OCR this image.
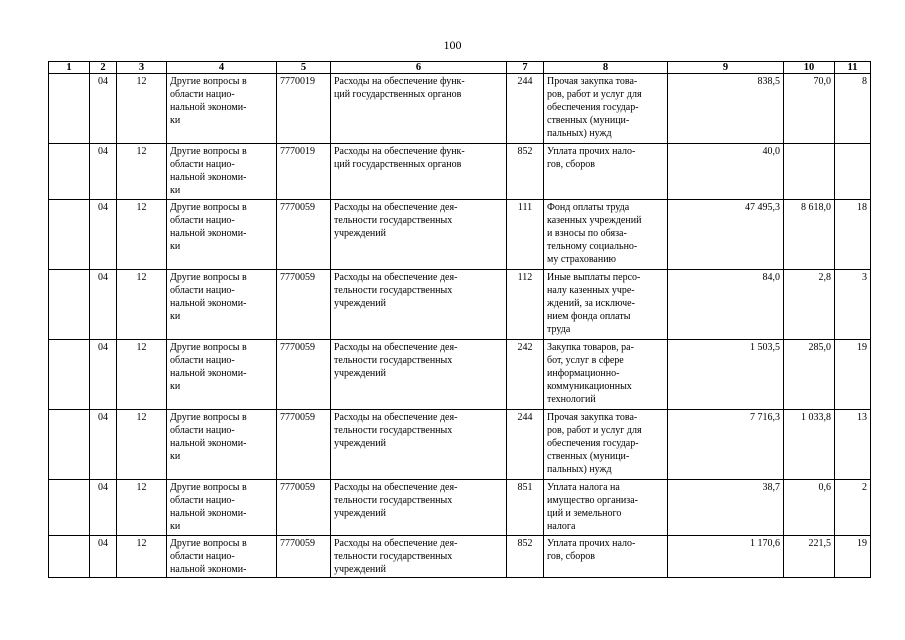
100
1	2	3	4	5	6	7	8	9	10	11

	04	12	Другие вопросы в
области нацио-
нальной экономи-
ки	7770019	Расходы на обеспечение функ-
ций государственных органов	244	Прочая закупка това-
ров, работ и услуг для
обеспечения государ-
ственных (муници-
пальных) нужд	838,5	70,0	8

	04	12	Другие вопросы в
области нацио-
нальной экономи-
ки	7770019	Расходы на обеспечение функ-
ций государственных органов	852	Уплата прочих нало-
гов, сборов	40,0		

	04	12	Другие вопросы в
области нацио-
нальной экономи-
ки	7770059	Расходы на обеспечение дея-
тельности государственных
учреждений	111	Фонд оплаты труда
казенных учреждений
и взносы по обяза-
тельному социально-
му страхованию	47 495,3	8 618,0	18

	04	12	Другие вопросы в
области нацио-
нальной экономи-
ки	7770059	Расходы на обеспечение дея-
тельности государственных
учреждений	112	Иные выплаты персо-
налу казенных учре-
ждений, за исключе-
нием фонда оплаты
труда	84,0	2,8	3

	04	12	Другие вопросы в
области нацио-
нальной экономи-
ки	7770059	Расходы на обеспечение дея-
тельности государственных
учреждений	242	Закупка товаров, ра-
бот, услуг в сфере
информационно-
коммуникационных
технологий	1 503,5	285,0	19

	04	12	Другие вопросы в
области нацио-
нальной экономи-
ки	7770059	Расходы на обеспечение дея-
тельности государственных
учреждений	244	Прочая закупка това-
ров, работ и услуг для
обеспечения государ-
ственных (муници-
пальных) нужд	7 716,3	1 033,8	13

	04	12	Другие вопросы в
области нацио-
нальной экономи-
ки	7770059	Расходы на обеспечение дея-
тельности государственных
учреждений	851	Уплата налога на
имущество организа-
ций и земельного
налога	38,7	0,6	2

	04	12	Другие вопросы в
области нацио-
нальной экономи-	7770059	Расходы на обеспечение дея-
тельности государственных
учреждений	852	Уплата прочих нало-
гов, сборов	1 170,6	221,5	19
